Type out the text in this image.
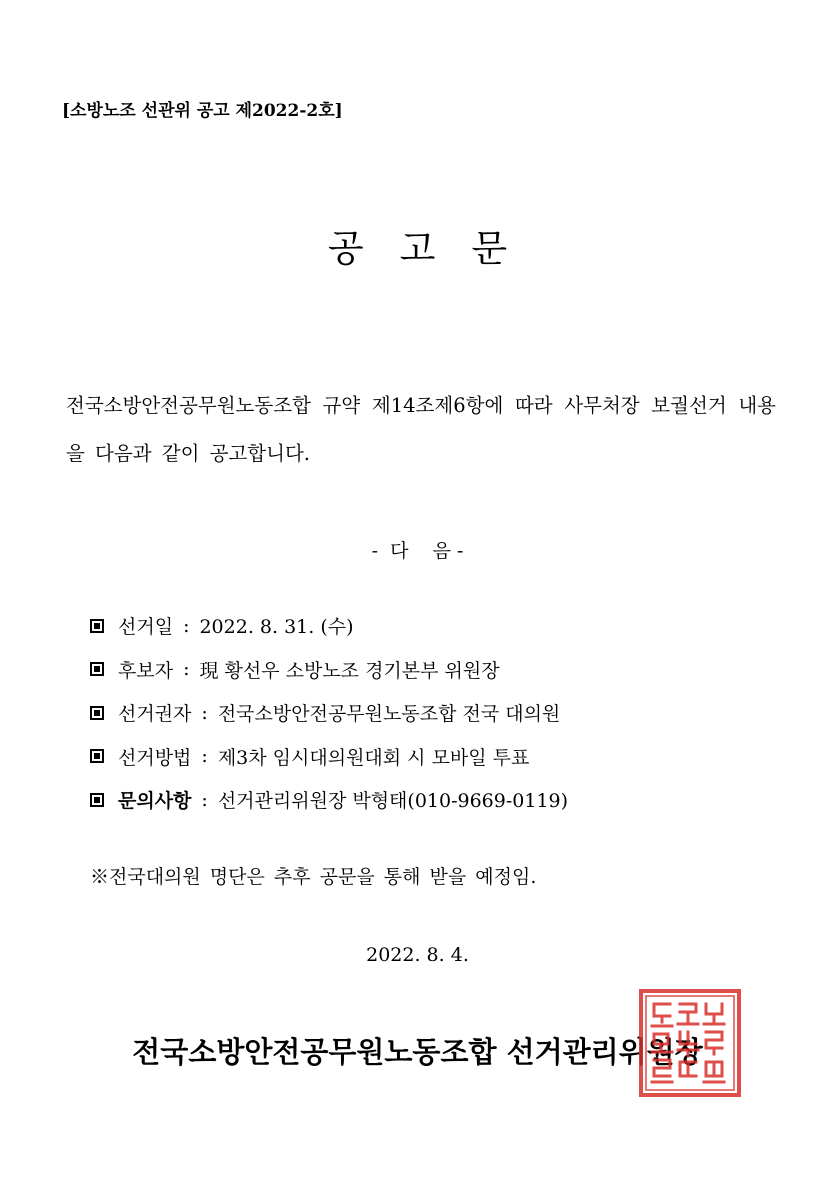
[소방노조 선관위 공고 제2022-2호]
공고문
전국소방안전공무원노동조합 규약 제14조제6항에 따라 사무처장 보궐선거 내용을 다음과 같이 공고합니다.
-  다    음 -
선거일 : 2022. 8. 31. (수)
후보자 : 現 황선우 소방노조 경기본부 위원장
선거권자 : 전국소방안전공무원노동조합 전국 대의원
선거방법 : 제3차 임시대의원대회 시 모바일 투표
문의사항 : 선거관리위원장 박형태(010-9669-0119)
※전국대의원 명단은 추후 공문을 통해 받을 예정임.
2022. 8. 4.
전국소방안전공무원노동조합 선거관리위원장
